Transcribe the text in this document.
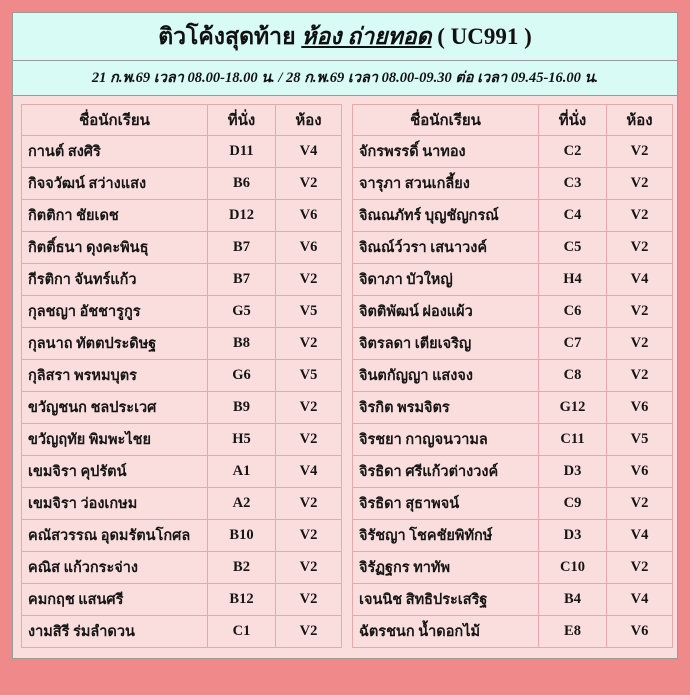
ติวโค้งสุดท้าย ห้อง ถ่ายทอด ( UC991 )
21 ก.พ.69 เวลา 08.00-18.00 น. / 28 ก.พ.69 เวลา 08.00-09.30 ต่อ เวลา 09.45-16.00 น.
ชื่อนักเรียน	ที่นั่ง	ห้อง
กานต์ สงศิริ	D11	V4
กิจจวัฒน์ สว่างแสง	B6	V2
กิตติกา ชัยเดช	D12	V6
กิตติ์ธนา ดุงคะพินธุ	B7	V6
กีรติกา จันทร์แก้ว	B7	V2
กุลชญา อัชชารูกูร	G5	V5
กุลนาถ ทัตตประดิษฐ	B8	V2
กุลิสรา พรหมบุตร	G6	V5
ขวัญชนก ชลประเวศ	B9	V2
ขวัญฤทัย พิมพะไชย	H5	V2
เขมจิรา คุปรัตน์	A1	V4
เขมจิรา ว่องเกษม	A2	V2
คณัสวรรณ อุดมรัตนโกศล	B10	V2
คณิส แก้วกระจ่าง	B2	V2
คมกฤช แสนศรี	B12	V2
งามสิรี ร่มลำดวน	C1	V2
ชื่อนักเรียน	ที่นั่ง	ห้อง
จักรพรรดิ์ นาทอง	C2	V2
จารุภา สวนเกลี้ยง	C3	V2
จิณณภัทร์ บุญชัญกรณ์	C4	V2
จิณณ์ว์วรา เสนาวงค์	C5	V2
จิดาภา บัวใหญ่	H4	V4
จิตติพัฒน์ ผ่องแผ้ว	C6	V2
จิตรลดา เตียเจริญ	C7	V2
จินตกัญญา แสงจง	C8	V2
จิรกิต พรมจิตร	G12	V6
จิรชยา กาญจนวามล	C11	V5
จิรธิดา ศรีแก้วต่างวงค์	D3	V6
จิรธิดา สุธาพจน์	C9	V2
จิรัชญา โชคชัยพิทักษ์	D3	V4
จิรัฏฐกร ทาทัพ	C10	V2
เจนนิช สิทธิประเสริฐ	B4	V4
ฉัตรชนก น้ำดอกไม้	E8	V6
